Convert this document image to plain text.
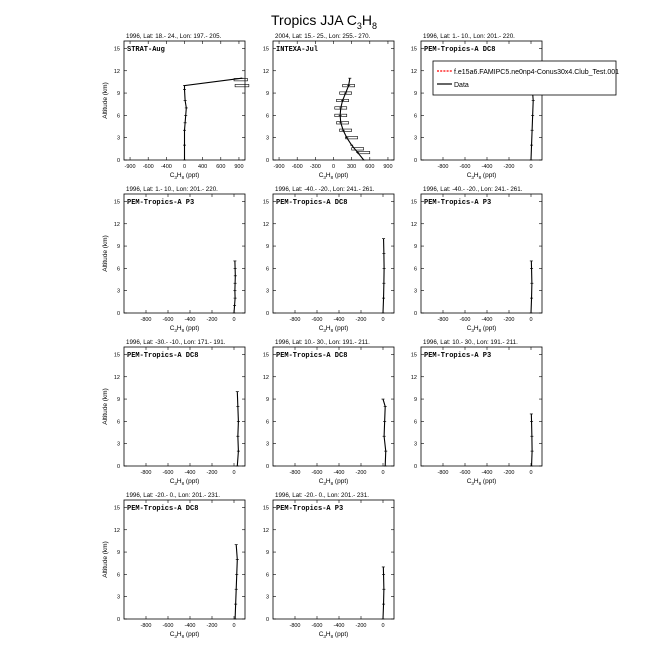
Tropics JJA $C_3H_8$
1996, Lat: 18.- 24., Lon: 197.- 205.
STRAT-Aug
0
3
6
9
12
15
-900 -600 -400 0 400 600 900
$C_3H_8$ (ppt)
Altitude (km)
2004, Lat: 15.- 25., Lon: 255.- 270.
INTEXA-Jul
0
3
6
9
12
15
-900 -600 -300 0 300 600 900
$C_3H_8$ (ppt)
1996, Lat: 1.- 10., Lon: 201.- 220.
PEM-Tropics-A DC8
0
3
6
9
12
15
-800 -600 -400 -200	0
$C_3H_8$ (ppt)
1996, Lat: 1.- 10., Lon: 201.- 220.
PEM-Tropics-A P3
0
3
6
9
12
15
-800 -600 -400 -200	0
$C_3H_8$ (ppt)
Altitude (km)
1996, Lat: -40.- -20., Lon: 241.- 261.
PEM-Tropics-A DC8
0
3
6
9
12
15
-800 -600 -400 -200	0
$C_3H_8$ (ppt)
1996, Lat: -40.- -20., Lon: 241.- 261.
PEM-Tropics-A P3
0
3
6
9
12
15
-800 -600 -400 -200	0
$C_3H_8$ (ppt)
1996, Lat: -30.- -10., Lon: 171.- 191.
PEM-Tropics-A DC8
0
3
6
9
12
15
-800 -600 -400 -200	0
$C_3H_8$ (ppt)
Altitude (km)
1996, Lat: 10.- 30., Lon: 191.- 211.
PEM-Tropics-A DC8
0
3
6
9
12
15
-800 -600 -400 -200	0
$C_3H_8$ (ppt)
1996, Lat: 10.- 30., Lon: 191.- 211.
PEM-Tropics-A P3
0
3
6
9
12
15
-800 -600 -400 -200	0
$C_3H_8$ (ppt)
1996, Lat: -20.- 0., Lon: 201.- 231.
PEM-Tropics-A DC8
0
3
6
9
12
15
-800 -600 -400 -200	0
$C_3H_8$ (ppt)
Altitude (km)
1996, Lat: -20.- 0., Lon: 201.- 231.
PEM-Tropics-A P3
0
3
6
9
12
15
-800 -600 -400 -200	0
$C_3H_8$ (ppt)
f.e15a6.FAMIPC5.ne0np4-Conus30x4.Club_Test.001
Data
